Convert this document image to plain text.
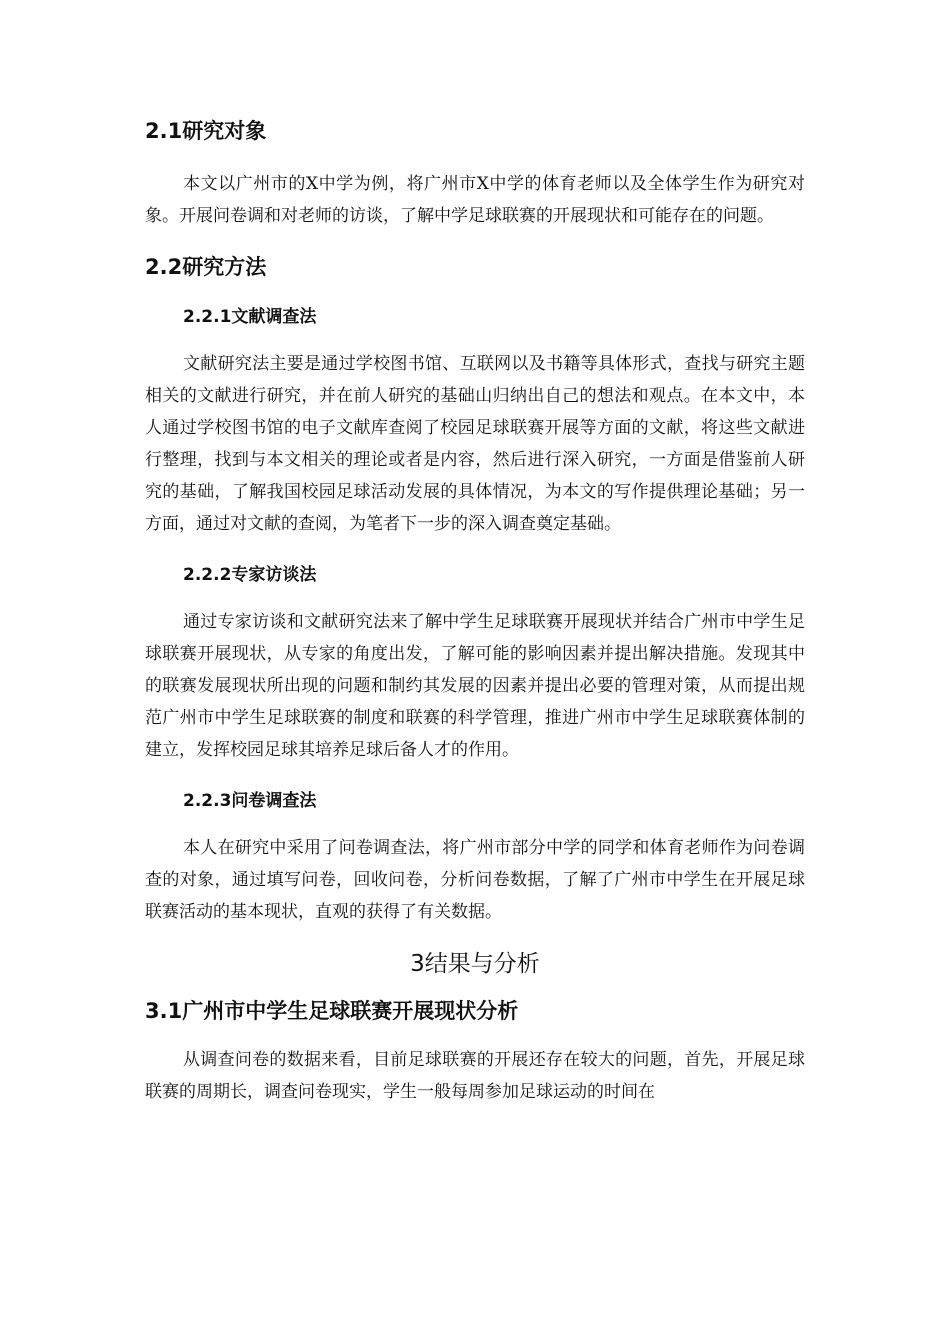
2.1研究对象

本文以广州市的X中学为例，将广州市X中学的体育老师以及全体学生作为研究对象。开展问卷调和对老师的访谈，了解中学足球联赛的开展现状和可能存在的问题。

2.2研究方法
2.2.1文献调查法

文献研究法主要是通过学校图书馆、互联网以及书籍等具体形式，查找与研究主题相关的文献进行研究，并在前人研究的基础山归纳出自己的想法和观点。在本文中，本人通过学校图书馆的电子文献库查阅了校园足球联赛开展等方面的文献，将这些文献进行整理，找到与本文相关的理论或者是内容，然后进行深入研究，一方面是借鉴前人研究的基础，了解我国校园足球活动发展的具体情况，为本文的写作提供理论基础；另一方面，通过对文献的查阅，为笔者下一步的深入调查奠定基础。

2.2.2专家访谈法

通过专家访谈和文献研究法来了解中学生足球联赛开展现状并结合广州市中学生足球联赛开展现状，从专家的角度出发，了解可能的影响因素并提出解决措施。发现其中的联赛发展现状所出现的问题和制约其发展的因素并提出必要的管理对策，从而提出规范广州市中学生足球联赛的制度和联赛的科学管理，推进广州市中学生足球联赛体制的建立，发挥校园足球其培养足球后备人才的作用。

2.2.3问卷调查法

本人在研究中采用了问卷调查法，将广州市部分中学的同学和体育老师作为问卷调查的对象，通过填写问卷，回收问卷，分析问卷数据，了解了广州市中学生在开展足球联赛活动的基本现状，直观的获得了有关数据。

3结果与分析
3.1广州市中学生足球联赛开展现状分析

从调查问卷的数据来看，目前足球联赛的开展还存在较大的问题，首先，开展足球联赛的周期长，调查问卷现实，学生一般每周参加足球运动的时间在
